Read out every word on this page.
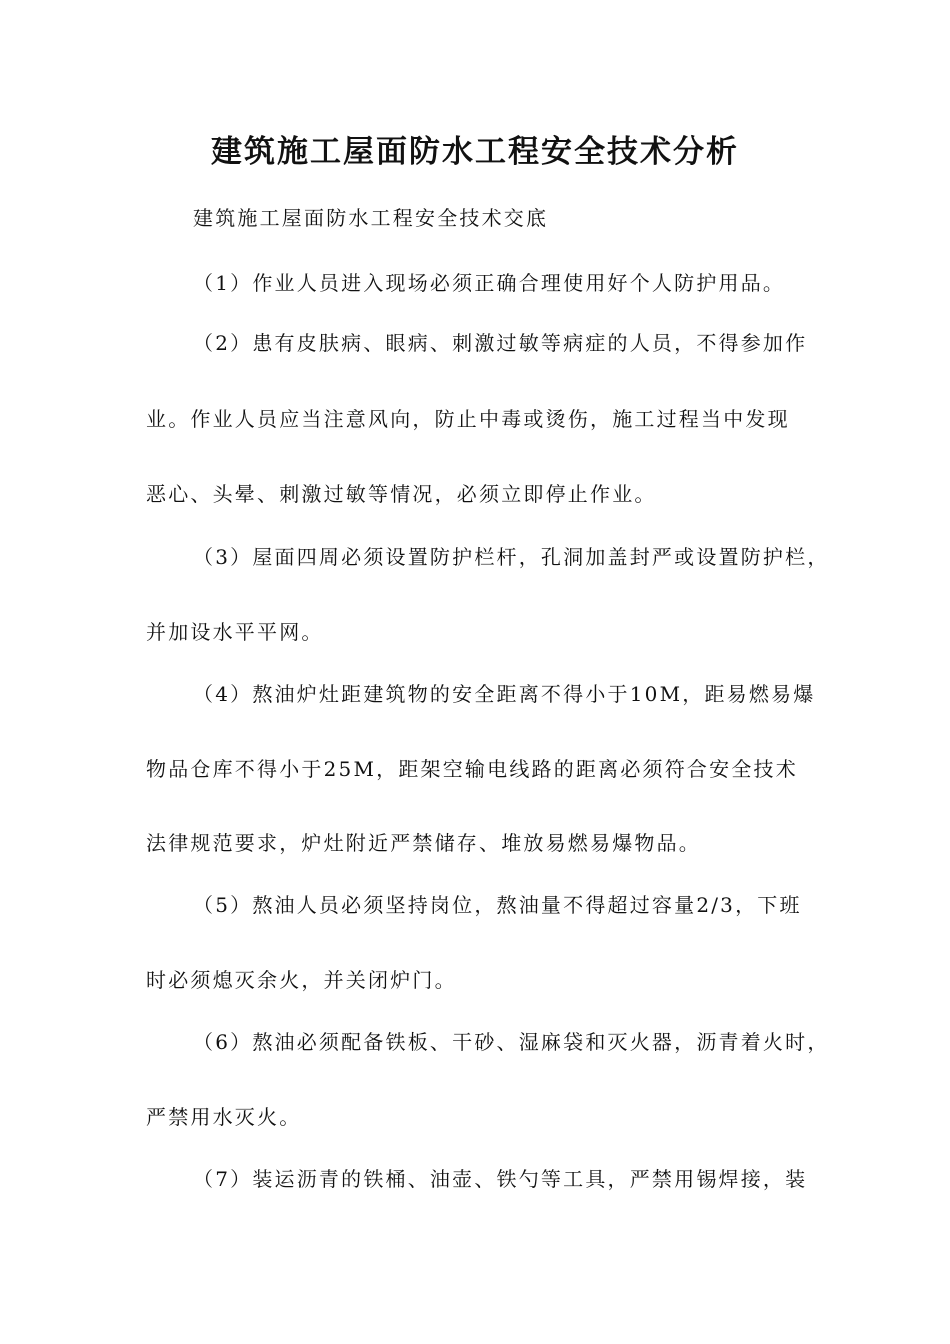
建筑施工屋面防水工程安全技术分析

建筑施工屋面防水工程安全技术交底

（1）作业人员进入现场必须正确合理使用好个人防护用品。

（2）患有皮肤病、眼病、刺激过敏等病症的人员，不得参加作

业。作业人员应当注意风向，防止中毒或烫伤，施工过程当中发现

恶心、头晕、刺激过敏等情况，必须立即停止作业。

（3）屋面四周必须设置防护栏杆，孔洞加盖封严或设置防护栏，

并加设水平平网。

（4）熬油炉灶距建筑物的安全距离不得小于10M，距易燃易爆

物品仓库不得小于25M，距架空输电线路的距离必须符合安全技术

法律规范要求，炉灶附近严禁储存、堆放易燃易爆物品。

（5）熬油人员必须坚持岗位，熬油量不得超过容量2/3，下班

时必须熄灭余火，并关闭炉门。

（6）熬油必须配备铁板、干砂、湿麻袋和灭火器，沥青着火时，

严禁用水灭火。

（7）装运沥青的铁桶、油壶、铁勺等工具，严禁用锡焊接，装
